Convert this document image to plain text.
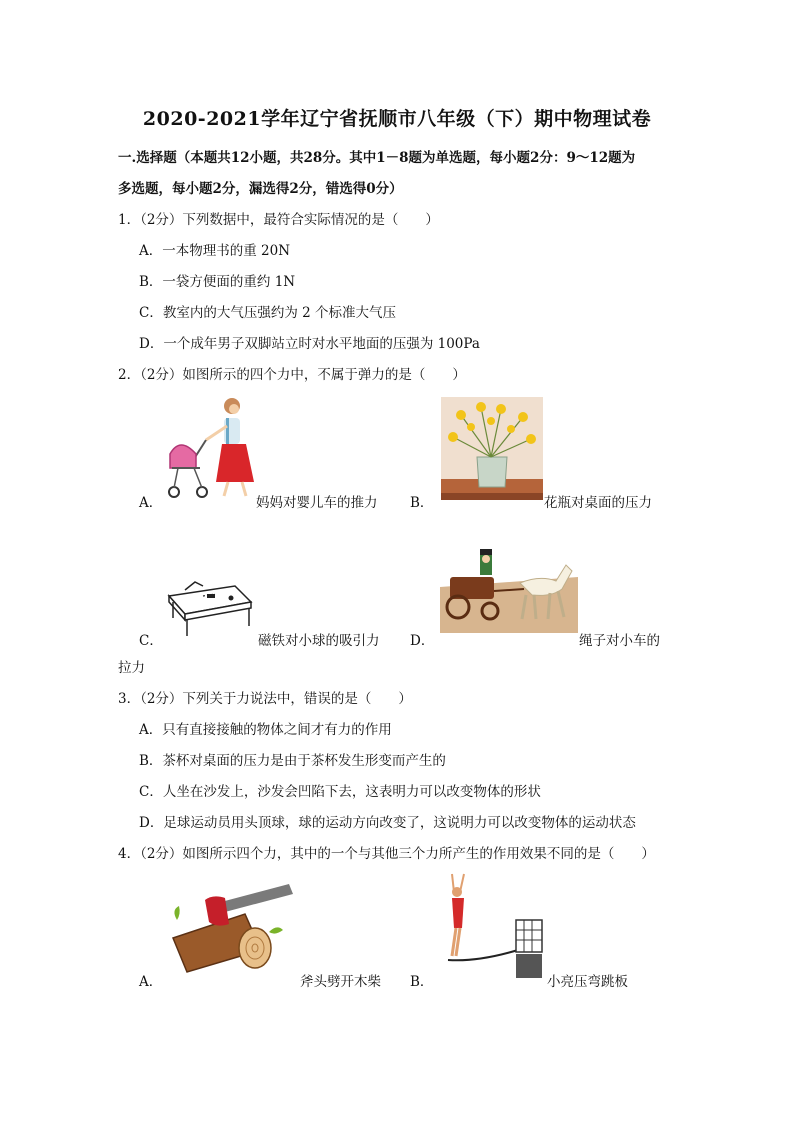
2020-2021学年辽宁省抚顺市八年级（下）期中物理试卷
一.选择题（本题共12小题，共28分。其中1－8题为单选题，每小题2分：9～12题为
多选题，每小题2分，漏选得2分，错选得0分）
1．（2分）下列数据中，最符合实际情况的是（　　）
A．一本物理书的重 20N
B．一袋方便面的重约 1N
C．教室内的大气压强约为 2 个标准大气压
D．一个成年男子双脚站立时对水平地面的压强为 100Pa
2．（2分）如图所示的四个力中，不属于弹力的是（　　）
A．	妈妈对婴儿车的推力 B．	花瓶对桌面的压力
C．	磁铁对小球的吸引力 D．	绳子对小车的
拉力
3．（2分）下列关于力说法中，错误的是（　　）
A．只有直接接触的物体之间才有力的作用
B．茶杯对桌面的压力是由于茶杯发生形变而产生的
C．人坐在沙发上，沙发会凹陷下去，这表明力可以改变物体的形状
D．足球运动员用头顶球，球的运动方向改变了，这说明力可以改变物体的运动状态
4．（2分）如图所示四个力，其中的一个与其他三个力所产生的作用效果不同的是（　　）
A．	斧头劈开木柴 B．	小亮压弯跳板
